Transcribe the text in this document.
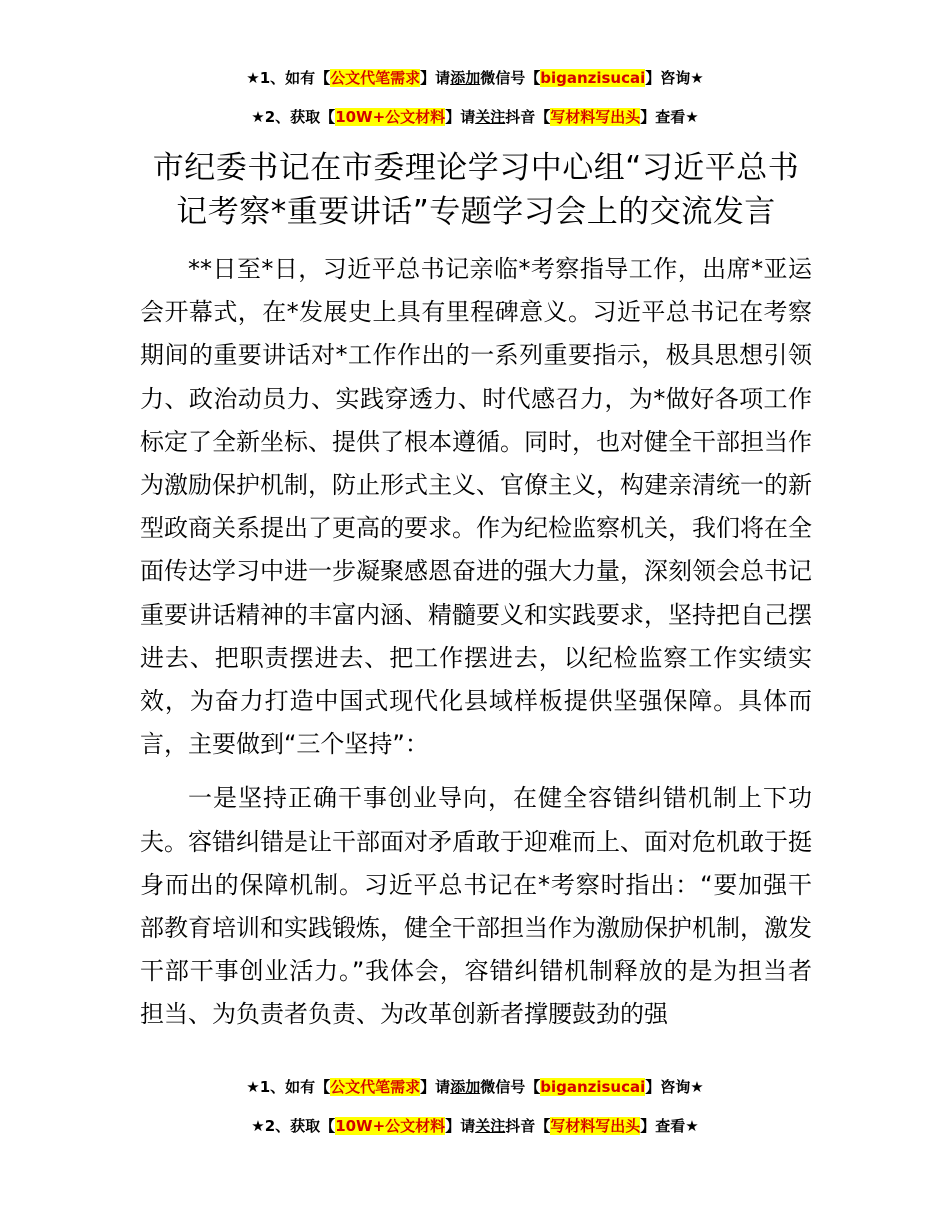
★1、如有【公文代笔需求】请添加微信号【biganzisucai】咨询★
★2、获取【10W+公文材料】请关注抖音【写材料写出头】查看★
市纪委书记在市委理论学习中心组“习近平总书记考察*重要讲话”专题学习会上的交流发言

**日至*日，习近平总书记亲临*考察指导工作，出席*亚运会开幕式，在*发展史上具有里程碑意义。习近平总书记在考察期间的重要讲话对*工作作出的一系列重要指示，极具思想引领力、政治动员力、实践穿透力、时代感召力，为*做好各项工作标定了全新坐标、提供了根本遵循。同时，也对健全干部担当作为激励保护机制，防止形式主义、官僚主义，构建亲清统一的新型政商关系提出了更高的要求。作为纪检监察机关，我们将在全面传达学习中进一步凝聚感恩奋进的强大力量，深刻领会总书记重要讲话精神的丰富内涵、精髓要义和实践要求，坚持把自己摆进去、把职责摆进去、把工作摆进去，以纪检监察工作实绩实效，为奋力打造中国式现代化县域样板提供坚强保障。具体而言，主要做到“三个坚持”：

一是坚持正确干事创业导向，在健全容错纠错机制上下功夫。容错纠错是让干部面对矛盾敢于迎难而上、面对危机敢于挺身而出的保障机制。习近平总书记在*考察时指出：“要加强干部教育培训和实践锻炼，健全干部担当作为激励保护机制，激发干部干事创业活力。”我体会，容错纠错机制释放的是为担当者担当、为负责者负责、为改革创新者撑腰鼓劲的强

★1、如有【公文代笔需求】请添加微信号【biganzisucai】咨询★
★2、获取【10W+公文材料】请关注抖音【写材料写出头】查看★
